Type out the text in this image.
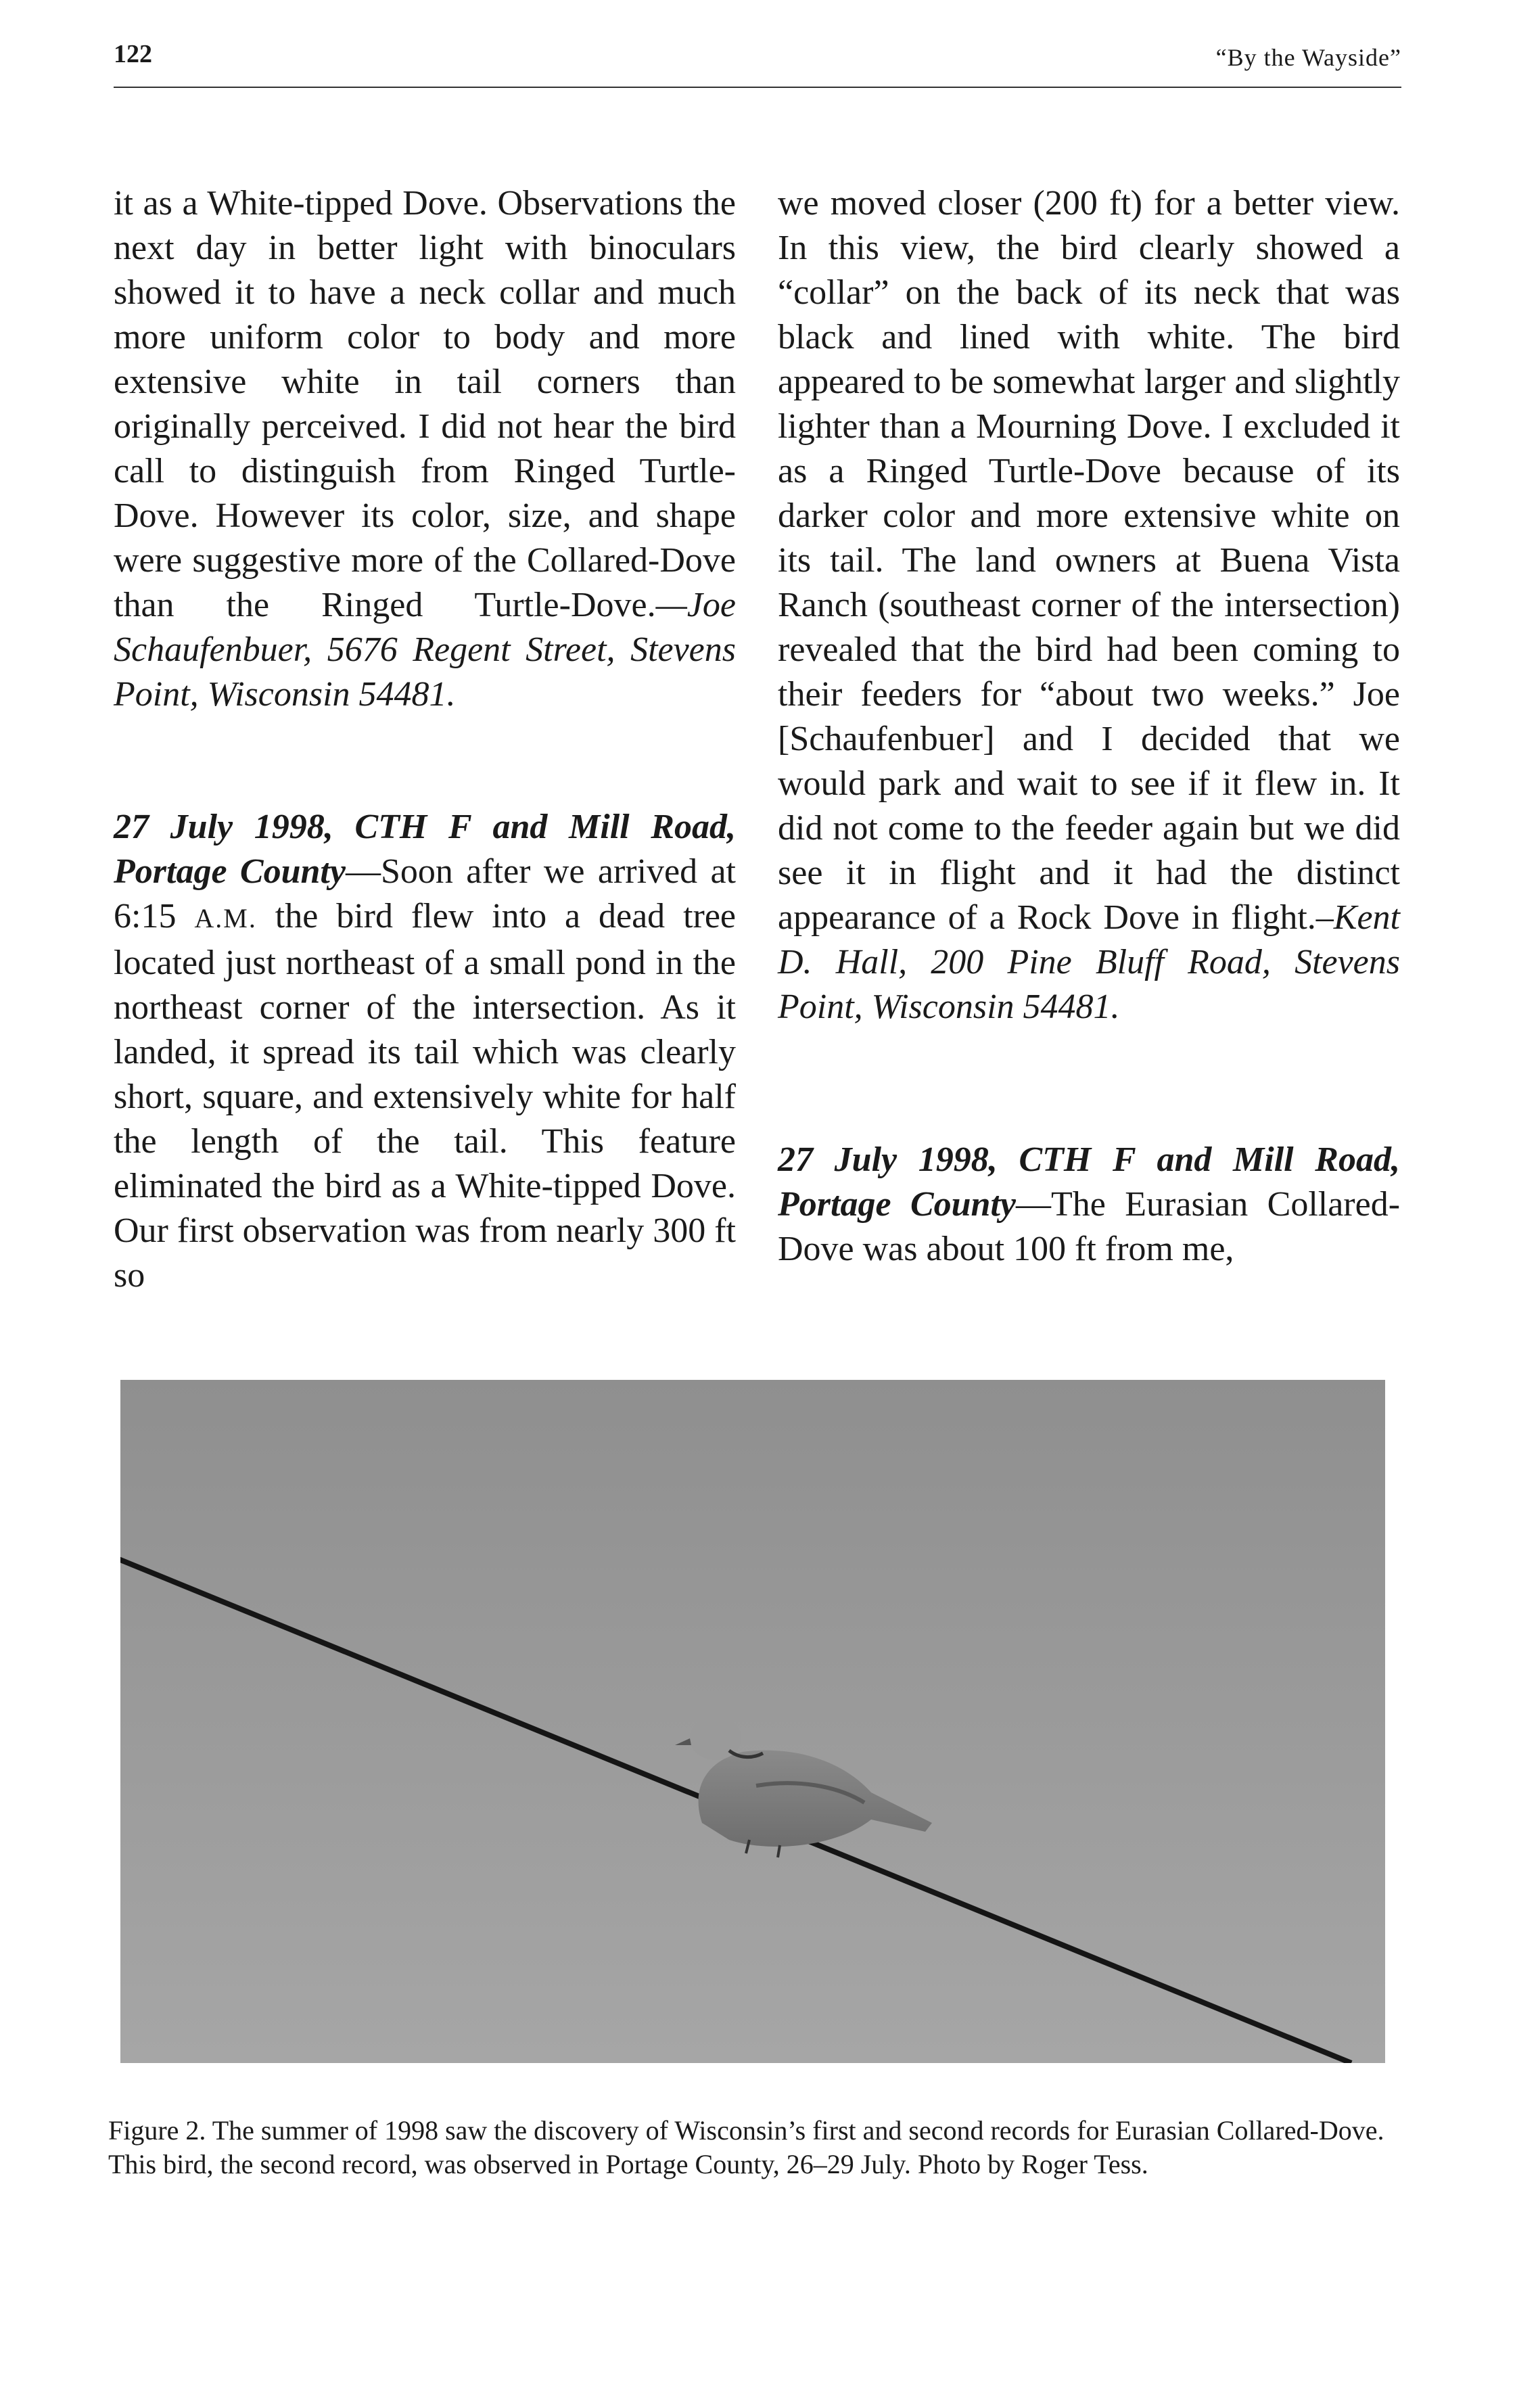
122	“By the Wayside”

it as a White-tipped Dove. Observations the next day in better light with binoculars showed it to have a neck collar and much more uniform color to body and more extensive white in tail corners than originally perceived. I did not hear the bird call to distinguish from Ringed Turtle-Dove. However its color, size, and shape were suggestive more of the Collared-Dove than the Ringed Turtle-Dove.—Joe Schaufenbuer, 5676 Regent Street, Stevens Point, Wisconsin 54481.

27 July 1998, CTH F and Mill Road, Portage County—Soon after we arrived at 6:15 A.M. the bird flew into a dead tree located just northeast of a small pond in the northeast corner of the intersection. As it landed, it spread its tail which was clearly short, square, and extensively white for half the length of the tail. This feature eliminated the bird as a White-tipped Dove. Our first observation was from nearly 300 ft so

we moved closer (200 ft) for a better view. In this view, the bird clearly showed a “collar” on the back of its neck that was black and lined with white. The bird appeared to be somewhat larger and slightly lighter than a Mourning Dove. I excluded it as a Ringed Turtle-Dove because of its darker color and more extensive white on its tail. The land owners at Buena Vista Ranch (southeast corner of the intersection) revealed that the bird had been coming to their feeders for “about two weeks.” Joe [Schaufenbuer] and I decided that we would park and wait to see if it flew in. It did not come to the feeder again but we did see it in flight and it had the distinct appearance of a Rock Dove in flight.–Kent D. Hall, 200 Pine Bluff Road, Stevens Point, Wisconsin 54481.

27 July 1998, CTH F and Mill Road, Portage County—The Eurasian Collared-Dove was about 100 ft from me,

Figure 2. The summer of 1998 saw the discovery of Wisconsin’s first and second records for Eurasian Collared-Dove. This bird, the second record, was observed in Portage County, 26–29 July. Photo by Roger Tess.
